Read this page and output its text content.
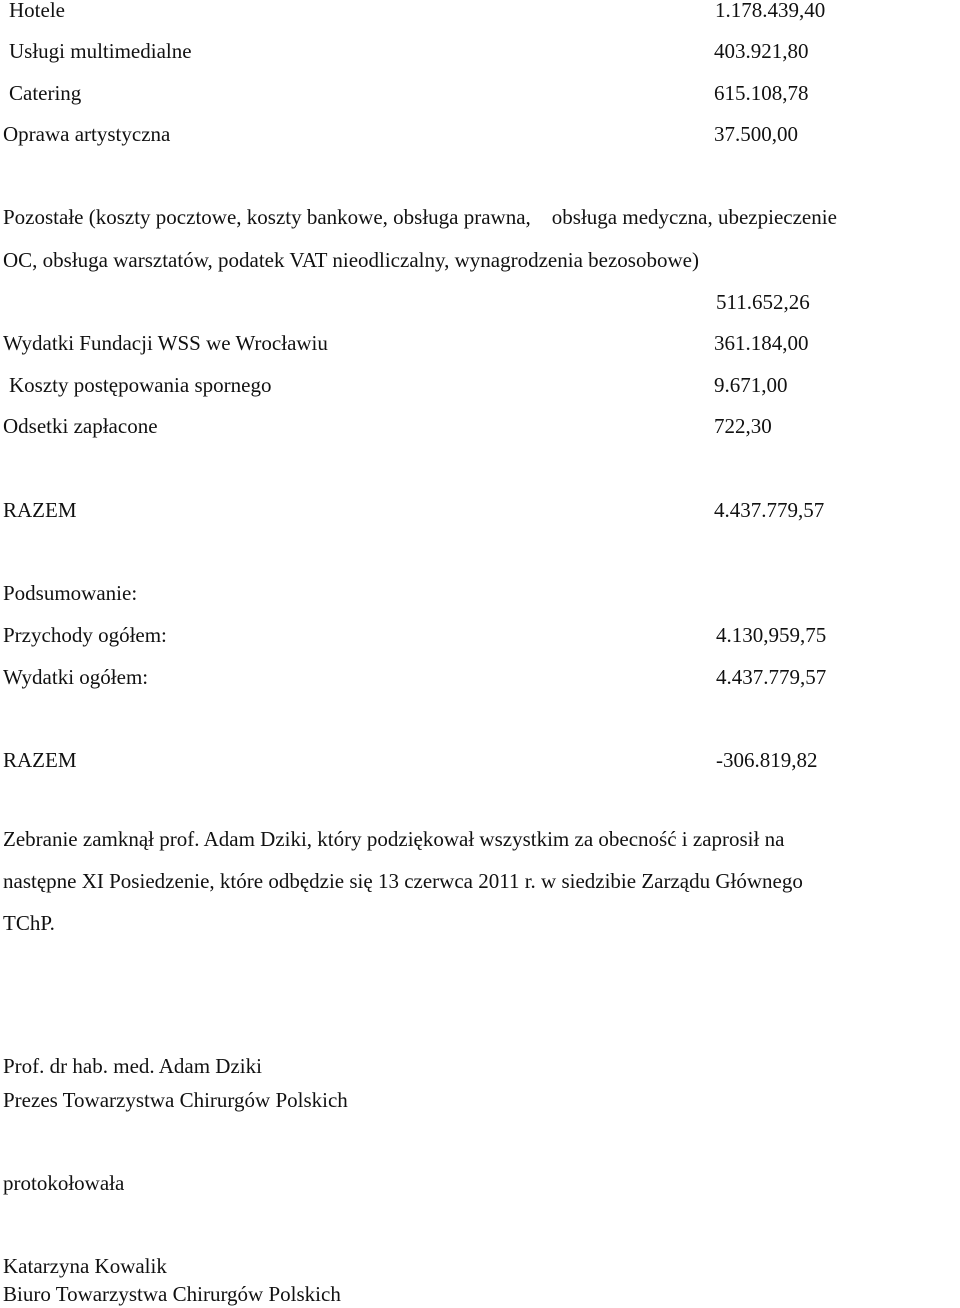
Hotele	1.178.439,40
Usługi multimedialne	403.921,80
Catering	615.108,78
Oprawa artystyczna	37.500,00
Pozostałe (koszty pocztowe, koszty bankowe, obsługa prawna,    obsługa medyczna, ubezpieczenie
OC, obsługa warsztatów, podatek VAT nieodliczalny, wynagrodzenia bezosobowe)
511.652,26
Wydatki Fundacji WSS we Wrocławiu	361.184,00
Koszty postępowania spornego	9.671,00
Odsetki zapłacone	722,30
RAZEM	4.437.779,57
Podsumowanie:
Przychody ogółem:	4.130,959,75
Wydatki ogółem:	4.437.779,57
RAZEM	-306.819,82
Zebranie zamknął prof. Adam Dziki, który podziękował wszystkim za obecność i zaprosił na
następne XI Posiedzenie, które odbędzie się 13 czerwca 2011 r. w siedzibie Zarządu Głównego
TChP.
Prof. dr hab. med. Adam Dziki
Prezes Towarzystwa Chirurgów Polskich
protokołowała
Katarzyna Kowalik
Biuro Towarzystwa Chirurgów Polskich
